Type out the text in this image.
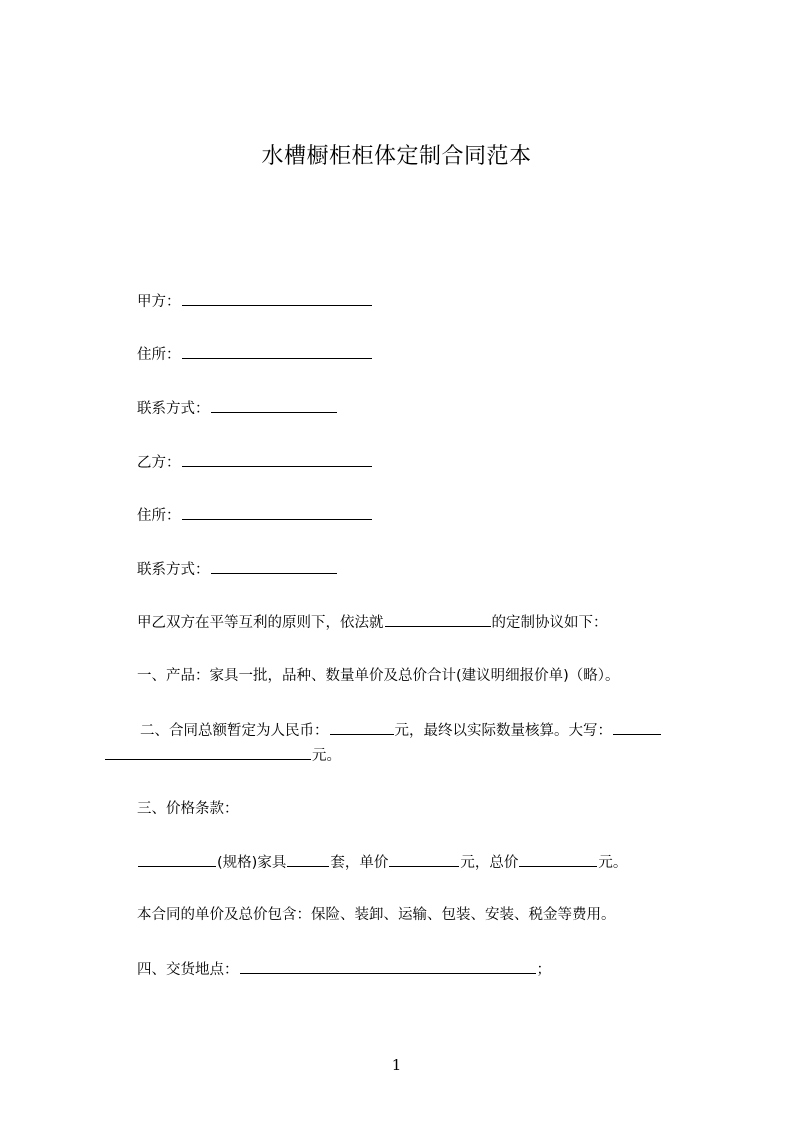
水槽橱柜柜体定制合同范本
甲方：
住所：
联系方式：
乙方：
住所：
联系方式：
甲乙双方在平等互利的原则下，依法就	的定制协议如下：
一、产品：家具一批，品种、数量单价及总价合计(建议明细报价单)（略）。
二、合同总额暂定为人民币：	元，最终以实际数量核算。大写：
元。
三、价格条款：
(规格)家具	套，单价	元，总价	元。
本合同的单价及总价包含：保险、装卸、运输、包装、安装、税金等费用。
四、交货地点：	；
1
